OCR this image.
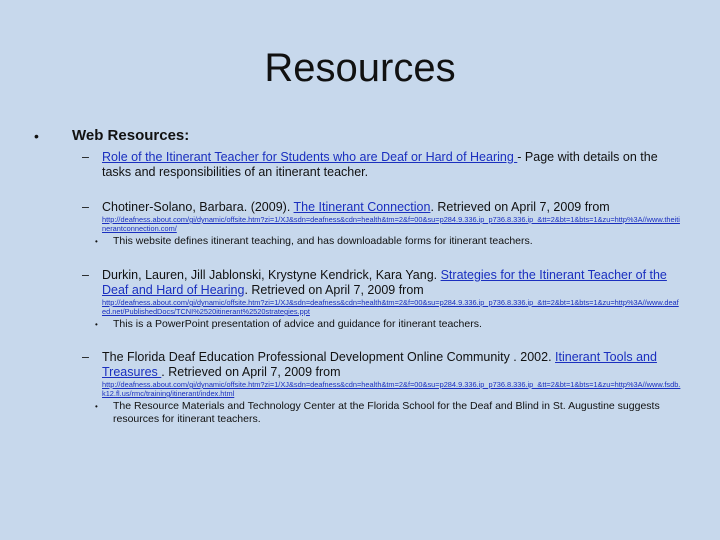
Resources
• Web Resources:
– Role of the Itinerant Teacher for Students who are Deaf or Hard of Hearing - Page with details on the tasks and responsibilities of an itinerant teacher.
– Chotiner-Solano, Barbara. (2009). The Itinerant Connection. Retrieved on April 7, 2009 from
http://deafness.about.com/gi/dynamic/offsite.htm?zi=1/XJ&sdn=deafness&cdn=health&tm=2&f=00&su=p284.9.336.ip_p736.8.336.ip_&tt=2&bt=1&bts=1&zu=http%3A//www.theitinerantconnection.com/
• This website defines itinerant teaching, and has downloadable forms for itinerant teachers.
– Durkin, Lauren, Jill Jablonski, Krystyne Kendrick, Kara Yang. Strategies for the Itinerant Teacher of the Deaf and Hard of Hearing. Retrieved on April 7, 2009 from
http://deafness.about.com/gi/dynamic/offsite.htm?zi=1/XJ&sdn=deafness&cdn=health&tm=2&f=00&su=p284.9.336.ip_p736.8.336.ip_&tt=2&bt=1&bts=1&zu=http%3A//www.deafed.net/PublishedDocs/TCNI%2520itinerant%2520strategies.ppt
• This is a PowerPoint presentation of advice and guidance for itinerant teachers.
– The Florida Deaf Education Professional Development Online Community . 2002. Itinerant Tools and Treasures . Retrieved on April 7, 2009 from
http://deafness.about.com/gi/dynamic/offsite.htm?zi=1/XJ&sdn=deafness&cdn=health&tm=2&f=00&su=p284.9.336.ip_p736.8.336.ip_&tt=2&bt=1&bts=1&zu=http%3A//www.fsdb.k12.fl.us/rmc/training/itinerant/index.html
• The Resource Materials and Technology Center at the Florida School for the Deaf and Blind in St. Augustine suggests resources for itinerant teachers.
